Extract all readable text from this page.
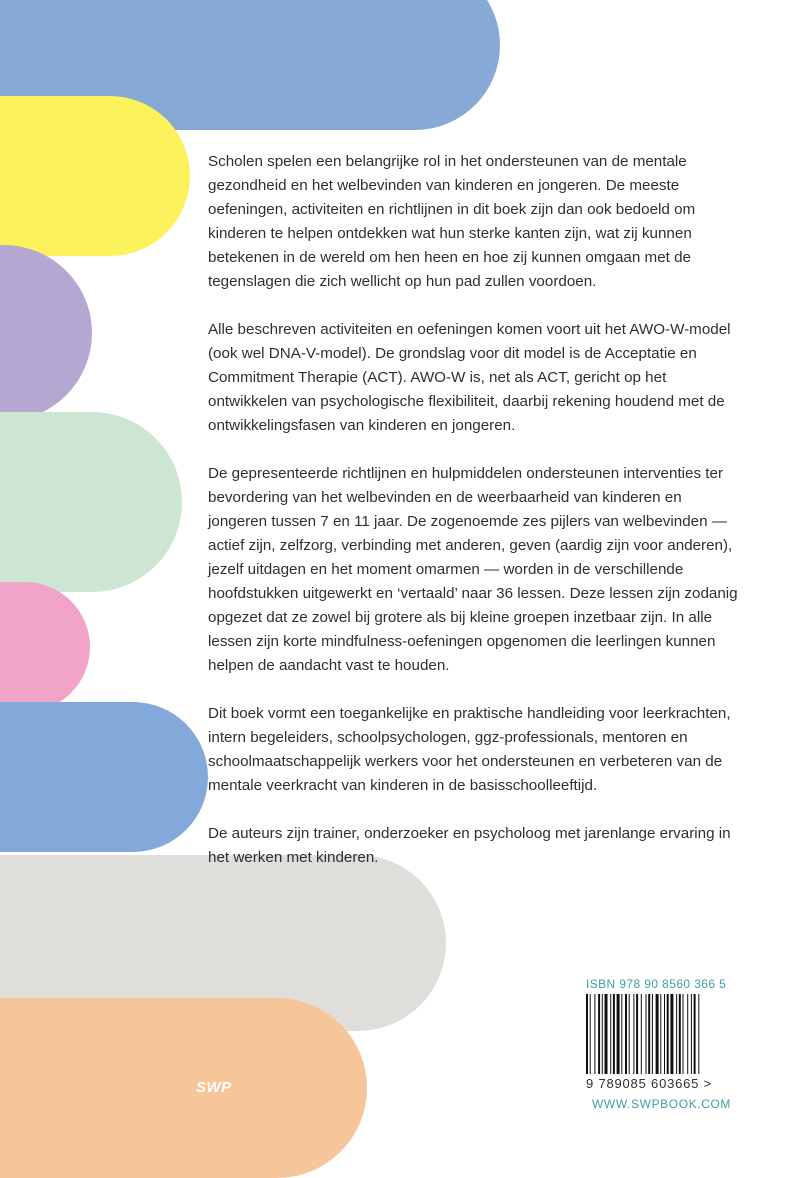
SWP

Scholen spelen een belangrijke rol in het ondersteunen van de mentale gezondheid en het welbevinden van kinderen en jongeren. De meeste oefeningen, activiteiten en richtlijnen in dit boek zijn dan ook bedoeld om kinderen te helpen ontdekken wat hun sterke kanten zijn, wat zij kunnen betekenen in de wereld om hen heen en hoe zij kunnen omgaan met de tegenslagen die zich wellicht op hun pad zullen voordoen.

Alle beschreven activiteiten en oefeningen komen voort uit het AWO-W-model (ook wel DNA-V-model). De grondslag voor dit model is de Acceptatie en Commitment Therapie (ACT). AWO-W is, net als ACT, gericht op het ontwikkelen van psychologische flexibiliteit, daarbij rekening houdend met de ontwikkelingsfasen van kinderen en jongeren.

De gepresenteerde richtlijnen en hulpmiddelen ondersteunen interventies ter bevordering van het welbevinden en de weerbaarheid van kinderen en jongeren tussen 7 en 11 jaar. De zogenoemde zes pijlers van welbevinden — actief zijn, zelfzorg, verbinding met anderen, geven (aardig zijn voor anderen), jezelf uitdagen en het moment omarmen — worden in de verschillende hoofdstukken uitgewerkt en ‘vertaald’ naar 36 lessen. Deze lessen zijn zodanig opgezet dat ze zowel bij grotere als bij kleine groepen inzetbaar zijn. In alle lessen zijn korte mindfulness-oefeningen opgenomen die leerlingen kunnen helpen de aandacht vast te houden.

Dit boek vormt een toegankelijke en praktische handleiding voor leerkrachten, intern begeleiders, schoolpsychologen, ggz-professionals, mentoren en schoolmaatschappelijk werkers voor het ondersteunen en verbeteren van de mentale veerkracht van kinderen in de basisschoolleeftijd.

De auteurs zijn trainer, onderzoeker en psycholoog met jarenlange ervaring in het werken met kinderen.

ISBN 978 90 8560 366 5
9 789085 603665 >
WWW.SWPBOOK.COM
